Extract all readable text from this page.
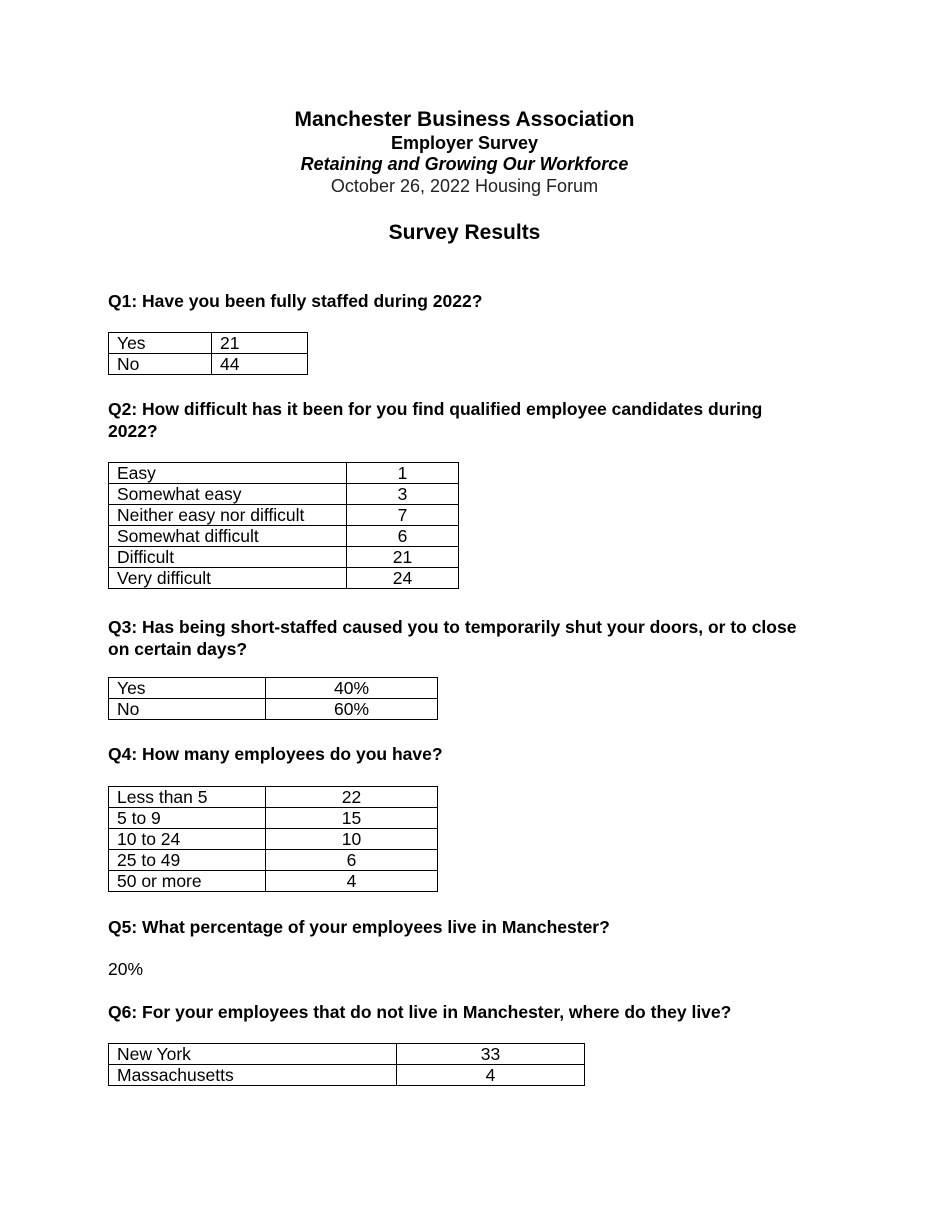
Manchester Business Association
Employer Survey
Retaining and Growing Our Workforce
October 26, 2022 Housing Forum
Survey Results
Q1: Have you been fully staffed during 2022?
Yes	21
No	44
Q2: How difficult has it been for you find qualified employee candidates during 2022?
Easy	1
Somewhat easy	3
Neither easy nor difficult	7
Somewhat difficult	6
Difficult	21
Very difficult	24
Q3: Has being short-staffed caused you to temporarily shut your doors, or to close on certain days?
Yes	40%
No	60%
Q4: How many employees do you have?
Less than 5	22
5 to 9	15
10 to 24	10
25 to 49	6
50 or more	4
Q5: What percentage of your employees live in Manchester?
20%
Q6: For your employees that do not live in Manchester, where do they live?
New York	33
Massachusetts	4
